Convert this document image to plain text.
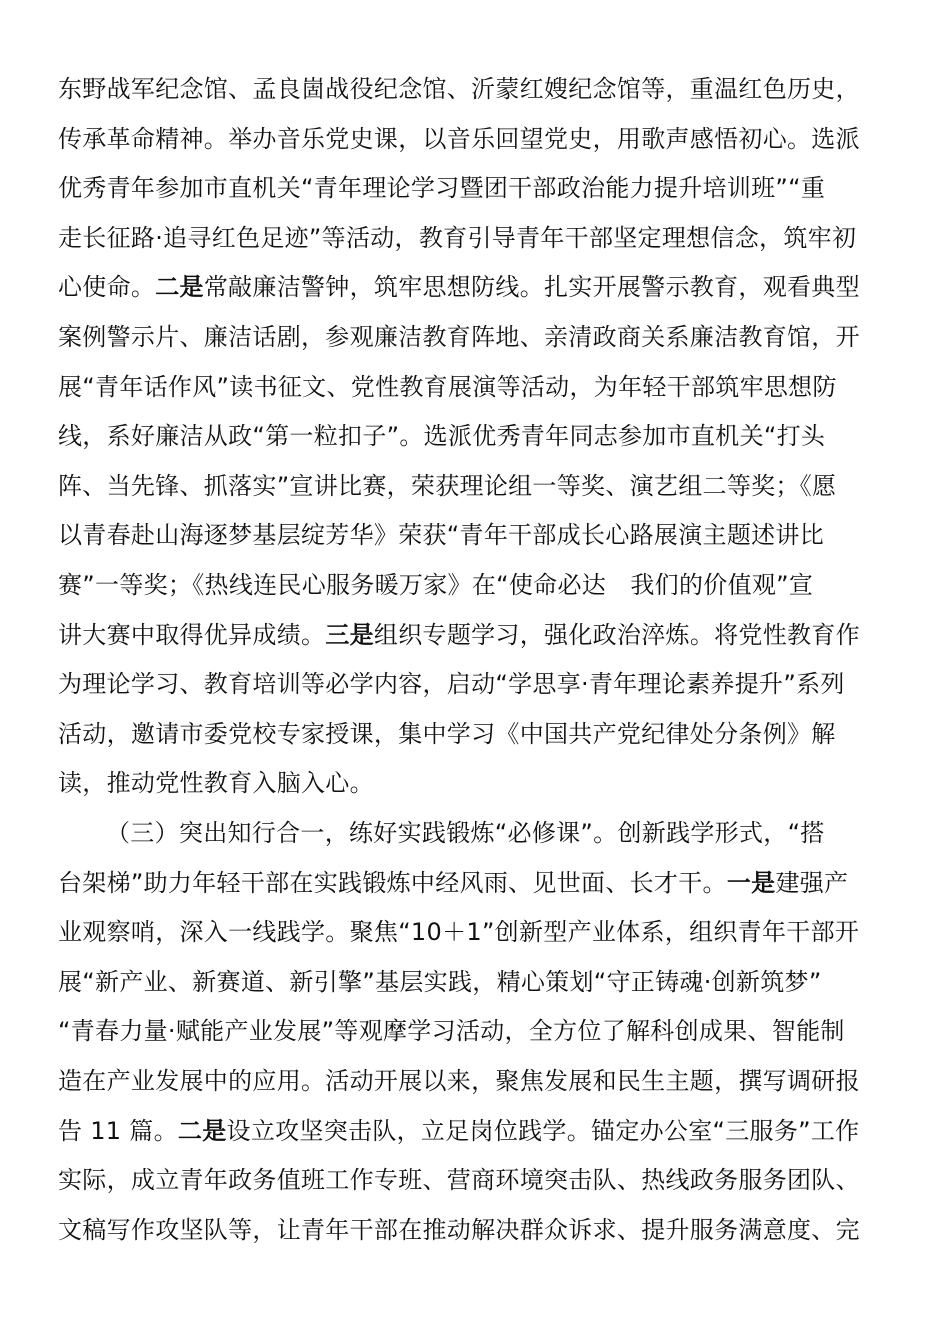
东野战军纪念馆、孟良崮战役纪念馆、沂蒙红嫂纪念馆等，重温红色历史，
传承革命精神。举办音乐党史课，以音乐回望党史，用歌声感悟初心。选派
优秀青年参加市直机关“青年理论学习暨团干部政治能力提升培训班”“重
走长征路·追寻红色足迹”等活动，教育引导青年干部坚定理想信念，筑牢初
心使命。二是常敲廉洁警钟，筑牢思想防线。扎实开展警示教育，观看典型
案例警示片、廉洁话剧，参观廉洁教育阵地、亲清政商关系廉洁教育馆，开
展“青年话作风”读书征文、党性教育展演等活动，为年轻干部筑牢思想防
线，系好廉洁从政“第一粒扣子”。选派优秀青年同志参加市直机关“打头
阵、当先锋、抓落实”宣讲比赛，荣获理论组一等奖、演艺组二等奖；《愿
以青春赴山海逐梦基层绽芳华》荣获“青年干部成长心路展演主题述讲比
赛”一等奖；《热线连民心服务暖万家》在“使命必达　我们的价值观”宣
讲大赛中取得优异成绩。三是组织专题学习，强化政治淬炼。将党性教育作
为理论学习、教育培训等必学内容，启动“学思享·青年理论素养提升”系列
活动，邀请市委党校专家授课，集中学习《中国共产党纪律处分条例》解
读，推动党性教育入脑入心。
（三）突出知行合一，练好实践锻炼“必修课”。创新践学形式，“搭
台架梯”助力年轻干部在实践锻炼中经风雨、见世面、长才干。一是建强产
业观察哨，深入一线践学。聚焦“10＋1”创新型产业体系，组织青年干部开
展“新产业、新赛道、新引擎”基层实践，精心策划“守正铸魂·创新筑梦”
“青春力量·赋能产业发展”等观摩学习活动，全方位了解科创成果、智能制
造在产业发展中的应用。活动开展以来，聚焦发展和民生主题，撰写调研报
告 11 篇。二是设立攻坚突击队，立足岗位践学。锚定办公室“三服务”工作
实际，成立青年政务值班工作专班、营商环境突击队、热线政务服务团队、
文稿写作攻坚队等，让青年干部在推动解决群众诉求、提升服务满意度、完
